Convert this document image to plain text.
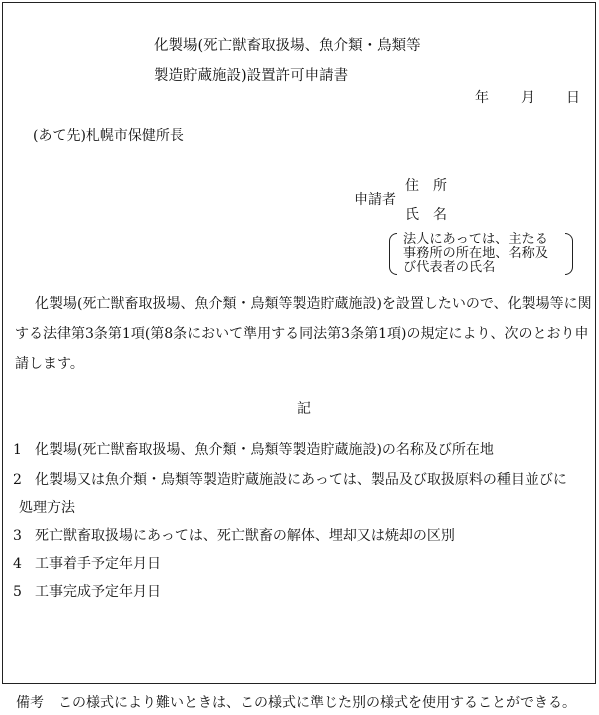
化製場(死亡獣畜取扱場、魚介類・鳥類等
製造貯蔵施設)設置許可申請書
年 月 日
(あて先)札幌市保健所長
申請者
住　所
氏　名
法人にあっては、主たる
事務所の所在地、名称及
び代表者の氏名
化製場(死亡獣畜取扱場、魚介類・鳥類等製造貯蔵施設)を設置したいので、化製場等に関する法律第3条第1項(第8条において準用する同法第3条第1項)の規定により、次のとおり申請します。
記
1 化製場(死亡獣畜取扱場、魚介類・鳥類等製造貯蔵施設)の名称及び所在地
2 化製場又は魚介類・鳥類等製造貯蔵施設にあっては、製品及び取扱原料の種目並びに
処理方法
3 死亡獣畜取扱場にあっては、死亡獣畜の解体、埋却又は焼却の区別
4 工事着手予定年月日
5 工事完成予定年月日
備考　この様式により難いときは、この様式に準じた別の様式を使用することができる。
